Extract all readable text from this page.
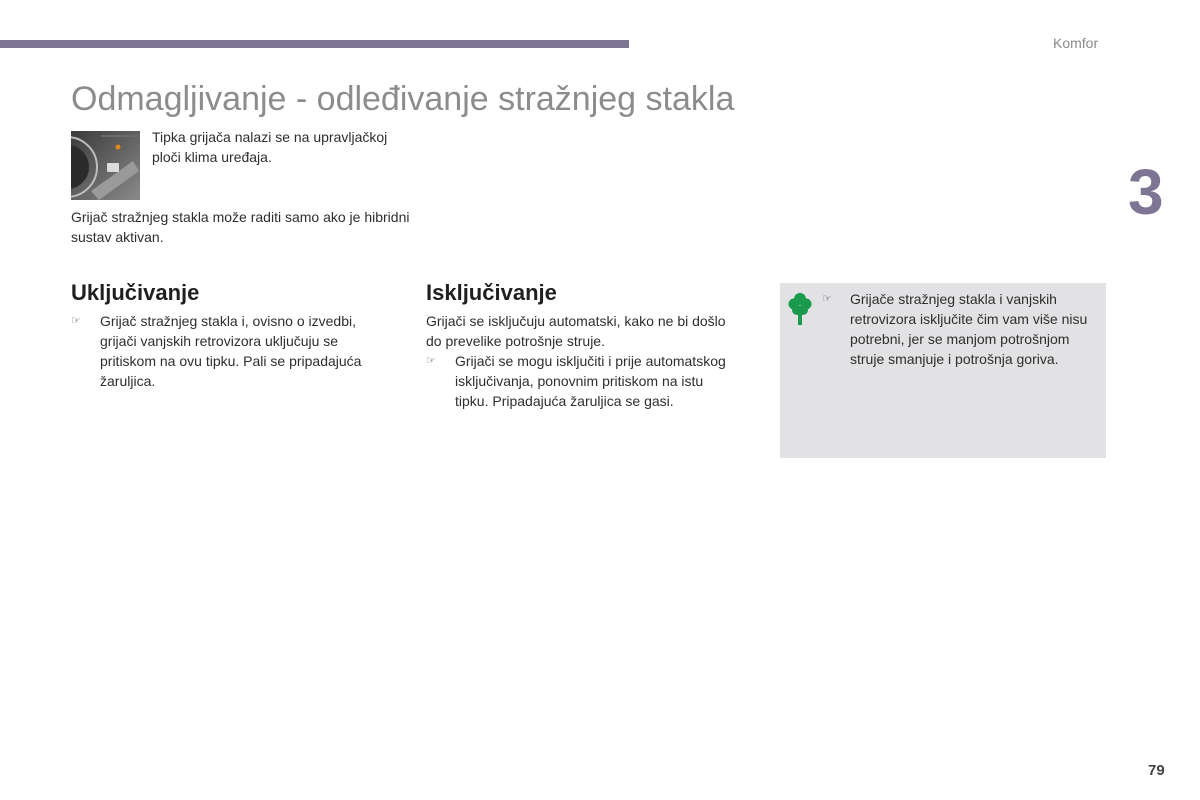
Komfor
Odmagljivanje - odleđivanje stražnjeg stakla
3

Tipka grijača nalazi se na upravljačkoj ploči klima uređaja.

Grijač stražnjeg stakla može raditi samo ako je hibridni sustav aktivan.

Uključivanje
☞	Grijač stražnjeg stakla i, ovisno o izvedbi, grijači vanjskih retrovizora uključuju se pritiskom na ovu tipku. Pali se pripadajuća žaruljica.
Isključivanje

Grijači se isključuju automatski, kako ne bi došlo do prevelike potrošnje struje.

☞	Grijači se mogu isključiti i prije automatskog isključivanja, ponovnim pritiskom na istu tipku. Pripadajuća žaruljica se gasi.
☞	Grijače stražnjeg stakla i vanjskih retrovizora isključite čim vam više nisu potrebni, jer se manjom potrošnjom struje smanjuje i potrošnja goriva.
79
